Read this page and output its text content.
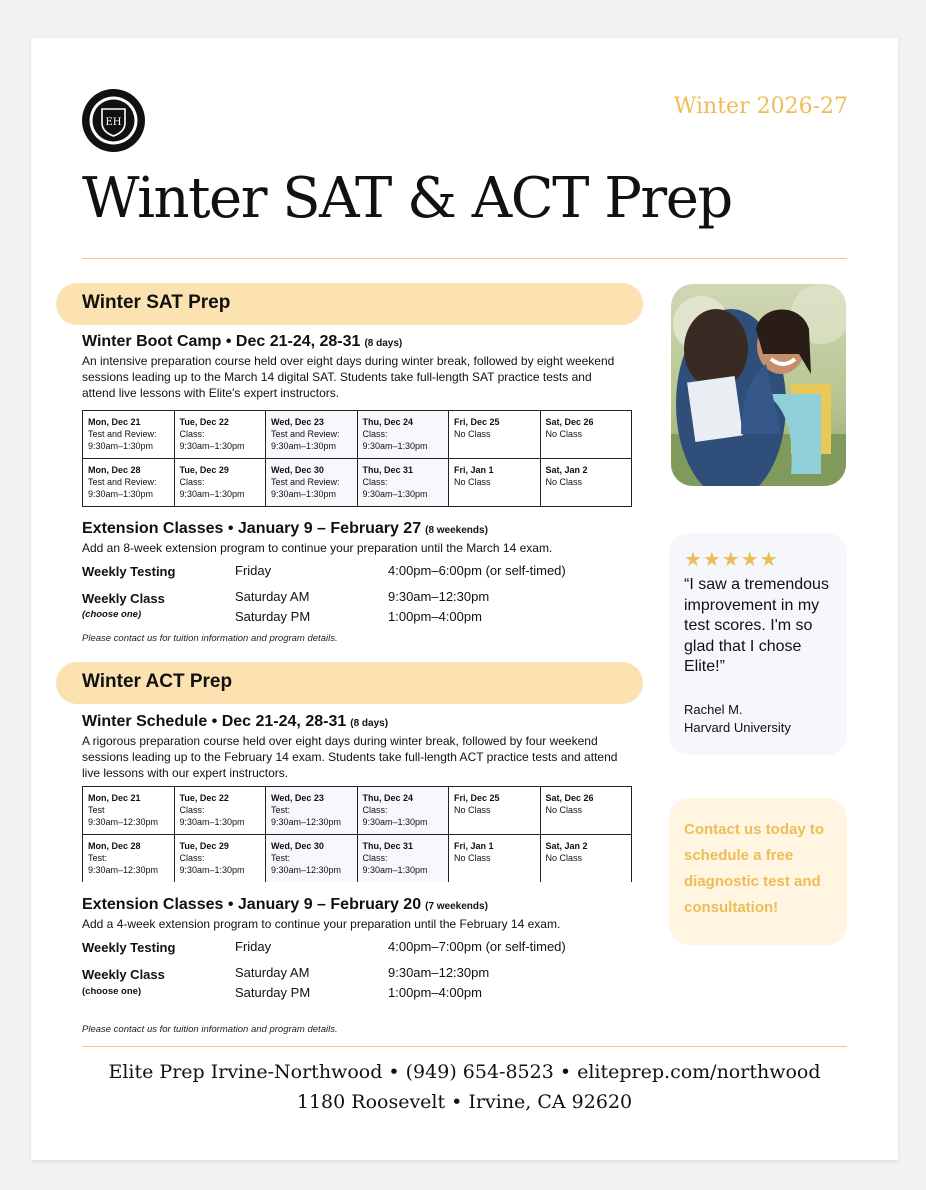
EH
Winter 2026-27
Winter SAT & ACT Prep
Winter SAT Prep
Winter Boot Camp • Dec 21-24, 28-31 (8 days)
An intensive preparation course held over eight days during winter break, followed by eight weekend sessions leading up to the March 14 digital SAT. Students take full-length SAT practice tests and attend live lessons with Elite's expert instructors.
Mon, Dec 21
Test and Review:
9:30am–1:30pm	Tue, Dec 22
Class:
9:30am–1:30pm	Wed, Dec 23
Test and Review:
9:30am–1:30pm	Thu, Dec 24
Class:
9:30am–1:30pm	Fri, Dec 25
No Class	Sat, Dec 26
No Class

Mon, Dec 28
Test and Review:
9:30am–1:30pm	Tue, Dec 29
Class:
9:30am–1:30pm	Wed, Dec 30
Test and Review:
9:30am–1:30pm	Thu, Dec 31
Class:
9:30am–1:30pm	Fri, Jan 1
No Class	Sat, Jan 2
No Class
Extension Classes • January 9 – February 27 (8 weekends)
Add an 8-week extension program to continue your preparation until the March 14 exam.
Weekly Testing	Friday	4:00pm–6:00pm (or self-timed)
Weekly Class
(choose one)
Saturday AM	9:30am–12:30pm
Saturday PM	1:00pm–4:00pm
Please contact us for tuition information and program details.
Winter ACT Prep
Winter Schedule • Dec 21-24, 28-31 (8 days)
A rigorous preparation course held over eight days during winter break, followed by four weekend sessions leading up to the February 14 exam. Students take full-length ACT practice tests and attend live lessons with our expert instructors.
Mon, Dec 21
Test
9:30am–12:30pm	Tue, Dec 22
Class:
9:30am–1:30pm	Wed, Dec 23
Test:
9:30am–12:30pm	Thu, Dec 24
Class:
9:30am–1:30pm	Fri, Dec 25
No Class	Sat, Dec 26
No Class

Mon, Dec 28
Test:
9:30am–12:30pm	Tue, Dec 29
Class:
9:30am–1:30pm	Wed, Dec 30
Test:
9:30am–12:30pm	Thu, Dec 31
Class:
9:30am–1:30pm	Fri, Jan 1
No Class	Sat, Jan 2
No Class
Extension Classes • January 9 – February 20 (7 weekends)
Add a 4-week extension program to continue your preparation until the February 14 exam.
Weekly Testing	Friday	4:00pm–7:00pm (or self-timed)
Weekly Class
(choose one)
Saturday AM	9:30am–12:30pm
Saturday PM	1:00pm–4:00pm
Please contact us for tuition information and program details.
★★★★★
“I saw a tremendous improvement in my test scores. I'm so glad that I chose Elite!”
Rachel M.
Harvard University
Contact us today to schedule a free diagnostic test and consultation!
Elite Prep Irvine-Northwood • (949) 654-8523 • eliteprep.com/northwood
1180 Roosevelt • Irvine, CA 92620
